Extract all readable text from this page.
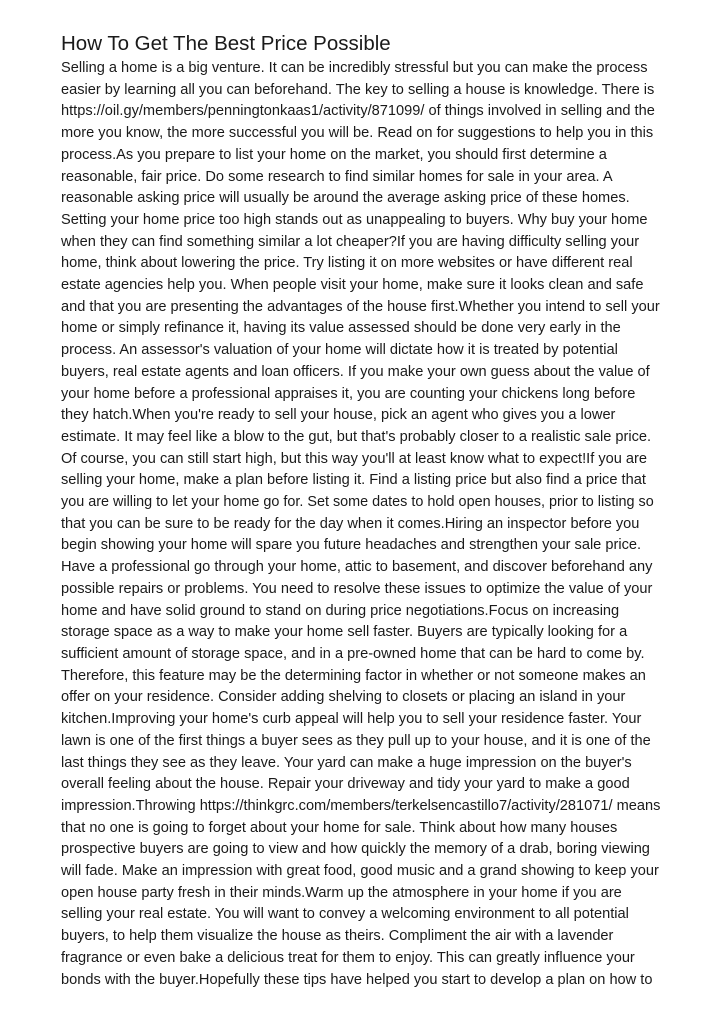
How To Get The Best Price Possible
Selling a home is a big venture. It can be incredibly stressful but you can make the process
easier by learning all you can beforehand. The key to selling a house is knowledge. There is
https://oil.gy/members/penningtonkaas1/activity/871099/ of things involved in selling and the
more you know, the more successful you will be. Read on for suggestions to help you in this
process.As you prepare to list your home on the market, you should first determine a
reasonable, fair price. Do some research to find similar homes for sale in your area. A
reasonable asking price will usually be around the average asking price of these homes.
Setting your home price too high stands out as unappealing to buyers. Why buy your home
when they can find something similar a lot cheaper?If you are having difficulty selling your
home, think about lowering the price. Try listing it on more websites or have different real
estate agencies help you. When people visit your home, make sure it looks clean and safe
and that you are presenting the advantages of the house first.Whether you intend to sell your
home or simply refinance it, having its value assessed should be done very early in the
process. An assessor's valuation of your home will dictate how it is treated by potential
buyers, real estate agents and loan officers. If you make your own guess about the value of
your home before a professional appraises it, you are counting your chickens long before
they hatch.When you're ready to sell your house, pick an agent who gives you a lower
estimate. It may feel like a blow to the gut, but that's probably closer to a realistic sale price.
Of course, you can still start high, but this way you'll at least know what to expect!If you are
selling your home, make a plan before listing it. Find a listing price but also find a price that
you are willing to let your home go for. Set some dates to hold open houses, prior to listing so
that you can be sure to be ready for the day when it comes.Hiring an inspector before you
begin showing your home will spare you future headaches and strengthen your sale price.
Have a professional go through your home, attic to basement, and discover beforehand any
possible repairs or problems. You need to resolve these issues to optimize the value of your
home and have solid ground to stand on during price negotiations.Focus on increasing
storage space as a way to make your home sell faster. Buyers are typically looking for a
sufficient amount of storage space, and in a pre-owned home that can be hard to come by.
Therefore, this feature may be the determining factor in whether or not someone makes an
offer on your residence. Consider adding shelving to closets or placing an island in your
kitchen.Improving your home's curb appeal will help you to sell your residence faster. Your
lawn is one of the first things a buyer sees as they pull up to your house, and it is one of the
last things they see as they leave. Your yard can make a huge impression on the buyer's
overall feeling about the house. Repair your driveway and tidy your yard to make a good
impression.Throwing https://thinkgrc.com/members/terkelsencastillo7/activity/281071/ means
that no one is going to forget about your home for sale. Think about how many houses
prospective buyers are going to view and how quickly the memory of a drab, boring viewing
will fade. Make an impression with great food, good music and a grand showing to keep your
open house party fresh in their minds.Warm up the atmosphere in your home if you are
selling your real estate. You will want to convey a welcoming environment to all potential
buyers, to help them visualize the house as theirs. Compliment the air with a lavender
fragrance or even bake a delicious treat for them to enjoy. This can greatly influence your
bonds with the buyer.Hopefully these tips have helped you start to develop a plan on how to
